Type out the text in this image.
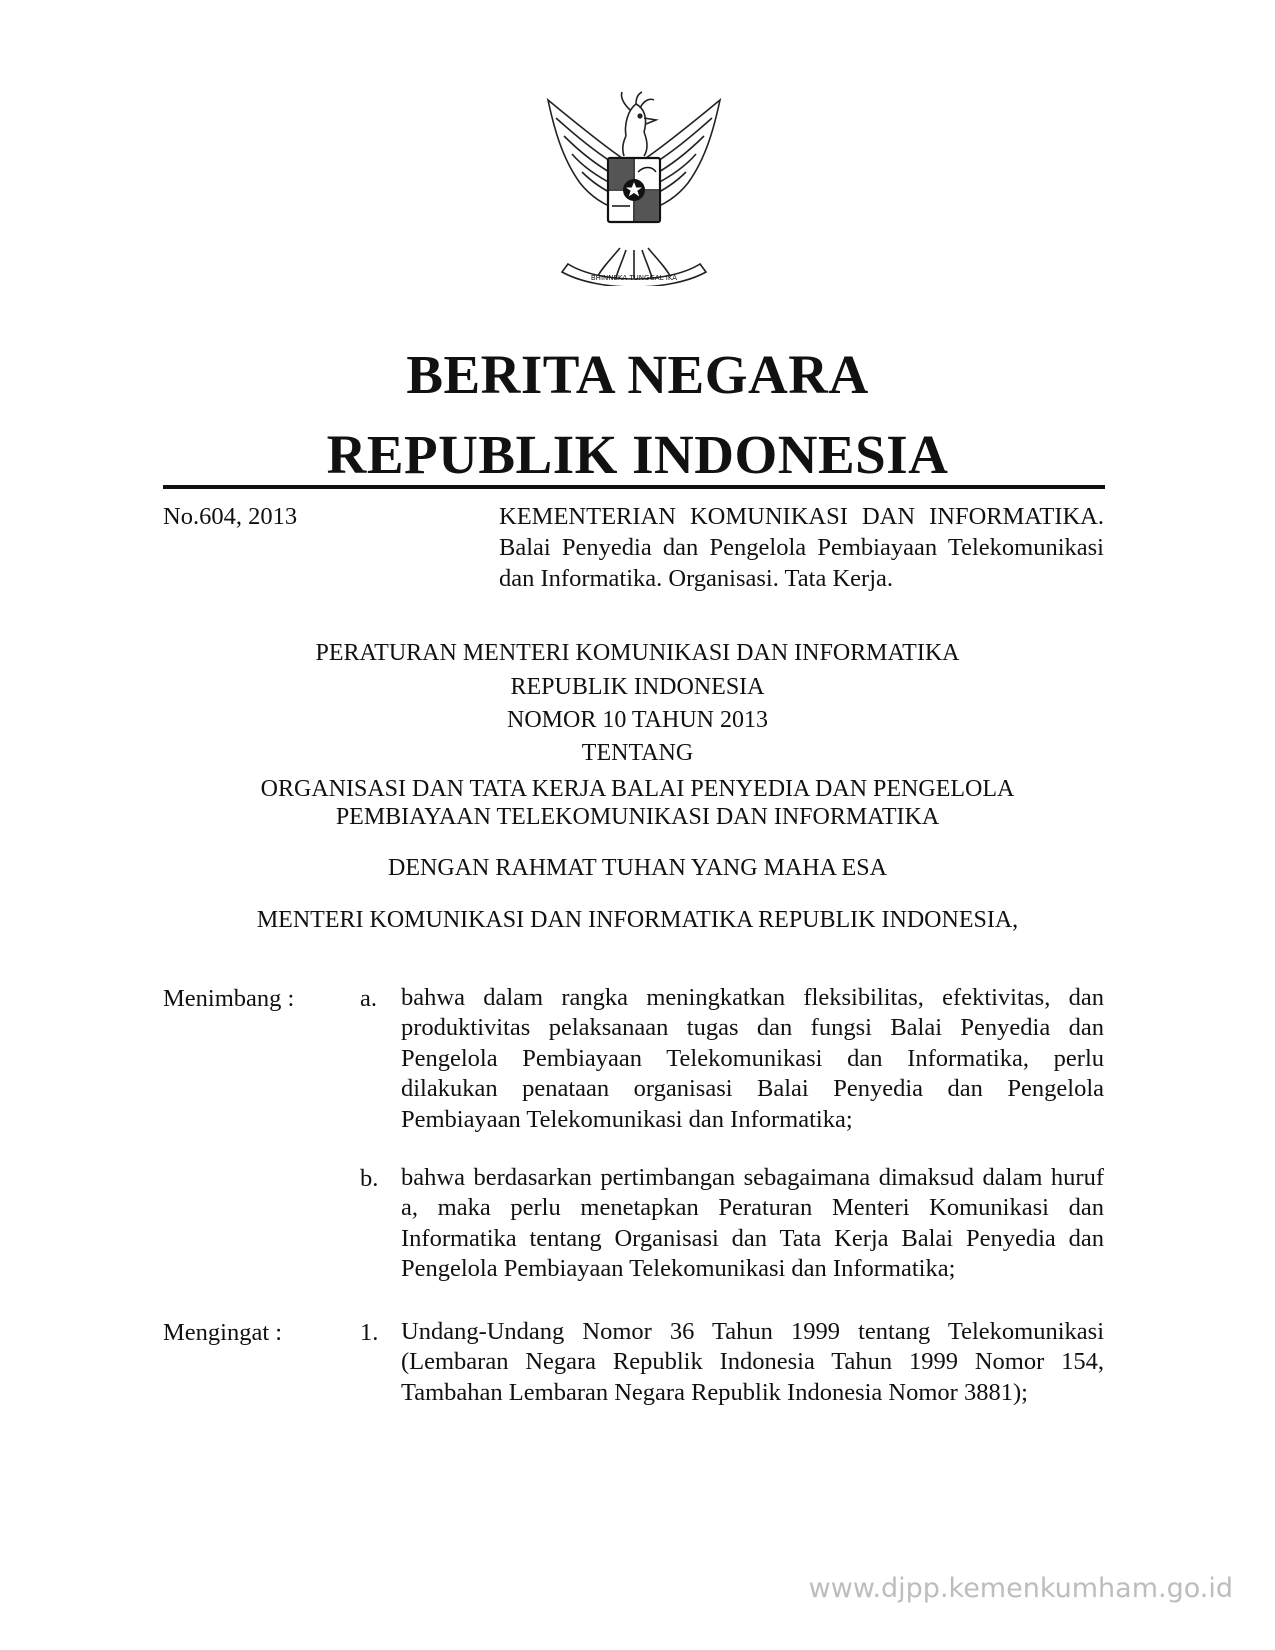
BHINNEKA TUNGGAL IKA
BERITA NEGARA
REPUBLIK INDONESIA
No.604, 2013	KEMENTERIAN KOMUNIKASI DAN INFORMATIKA. Balai Penyedia dan Pengelola Pembiayaan Telekomunikasi dan Informatika. Organisasi. Tata Kerja.
PERATURAN MENTERI KOMUNIKASI DAN INFORMATIKA
REPUBLIK INDONESIA
NOMOR 10 TAHUN 2013
TENTANG
ORGANISASI DAN TATA KERJA BALAI PENYEDIA DAN PENGELOLA
PEMBIAYAAN TELEKOMUNIKASI DAN INFORMATIKA
DENGAN RAHMAT TUHAN YANG MAHA ESA
MENTERI KOMUNIKASI DAN INFORMATIKA REPUBLIK INDONESIA,
Menimbang :	a. bahwa dalam rangka meningkatkan fleksibilitas, efektivitas, dan produktivitas pelaksanaan tugas dan fungsi Balai Penyedia dan Pengelola Pembiayaan Telekomunikasi dan Informatika, perlu dilakukan penataan organisasi Balai Penyedia dan Pengelola Pembiayaan Telekomunikasi dan Informatika;
b. bahwa berdasarkan pertimbangan sebagaimana dimaksud dalam huruf a, maka perlu menetapkan Peraturan Menteri Komunikasi dan Informatika tentang Organisasi dan Tata Kerja Balai Penyedia dan Pengelola Pembiayaan Telekomunikasi dan Informatika;
Mengingat :	1. Undang-Undang Nomor 36 Tahun 1999 tentang Telekomunikasi (Lembaran Negara Republik Indonesia Tahun 1999 Nomor 154, Tambahan Lembaran Negara Republik Indonesia Nomor 3881);
www.djpp.kemenkumham.go.id
